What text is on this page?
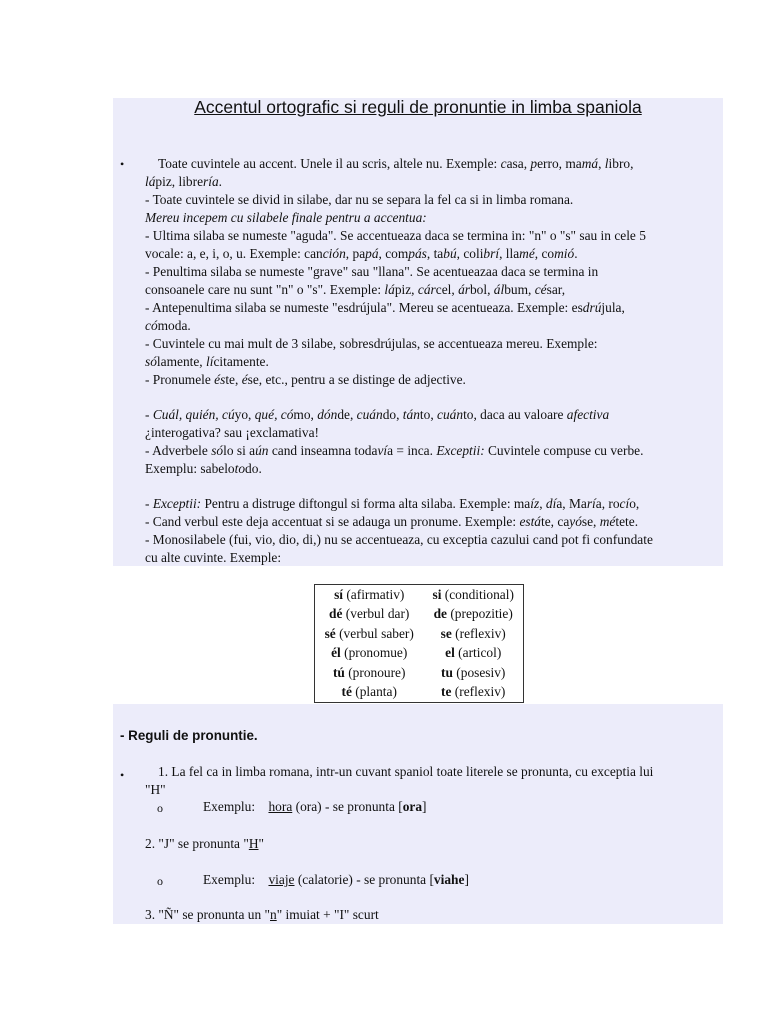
Accentul ortografic si reguli de pronuntie in limba spaniola
•	Toate cuvintele au accent. Unele il au scris, altele nu. Exemple: casa, perro, mamá, libro,
lápiz, librería.
- Toate cuvintele se divid in silabe, dar nu se separa la fel ca si in limba romana.
Mereu incepem cu silabele finale pentru a accentua:
- Ultima silaba se numeste "aguda". Se accentueaza daca se termina in: "n" o "s" sau in cele 5
vocale: a, e, i, o, u. Exemple: canción, papá, compás, tabú, colibrí, llamé, comió.
- Penultima silaba se numeste "grave" sau "llana". Se acentueazaa daca se termina in
consoanele care nu sunt "n" o "s". Exemple: lápiz, cárcel, árbol, álbum, césar,
- Antepenultima silaba se numeste "esdrújula". Mereu se acentueaza. Exemple: esdrújula,
cómoda.
- Cuvintele cu mai mult de 3 silabe, sobresdrújulas, se accentueaza mereu. Exemple:
sólamente, lícitamente.
- Pronumele éste, ése, etc., pentru a se distinge de adjective.
- Cuál, quién, cúyo, qué, cómo, dónde, cuándo, tánto, cuánto, daca au valoare afectiva
¿interogativa? sau ¡exclamativa!
- Adverbele sólo si aún cand inseamna todavía = inca. Exceptii: Cuvintele compuse cu verbe.
Exemplu: sabelotodo.
- Exceptii: Pentru a distruge diftongul si forma alta silaba. Exemple: maíz, día, María, rocío,
- Cand verbul este deja accentuat si se adauga un pronume. Exemple: estáte, cayóse, métete.
- Monosilabele (fui, vio, dio, di,) nu se accentueaza, cu exceptia cazului cand pot fi confundate
cu alte cuvinte. Exemple:
sí (afirmativ)	si (conditional)
dé (verbul dar)	de (prepozitie)
sé (verbul saber)	se (reflexiv)
él (pronomue)	el (articol)
tú (pronoure)	tu (posesiv)
té (planta)	te (reflexiv)
- Reguli de pronuntie.
•	1. La fel ca in limba romana, intr-un cuvant spaniol toate literele se pronunta, cu exceptia lui
"H"
o	Exemplu: hora (ora) - se pronunta [ora]
2. "J" se pronunta "H"
o	Exemplu: viaje (calatorie) - se pronunta [viahe]
3. "Ñ" se pronunta un "n" imuiat + "I" scurt
